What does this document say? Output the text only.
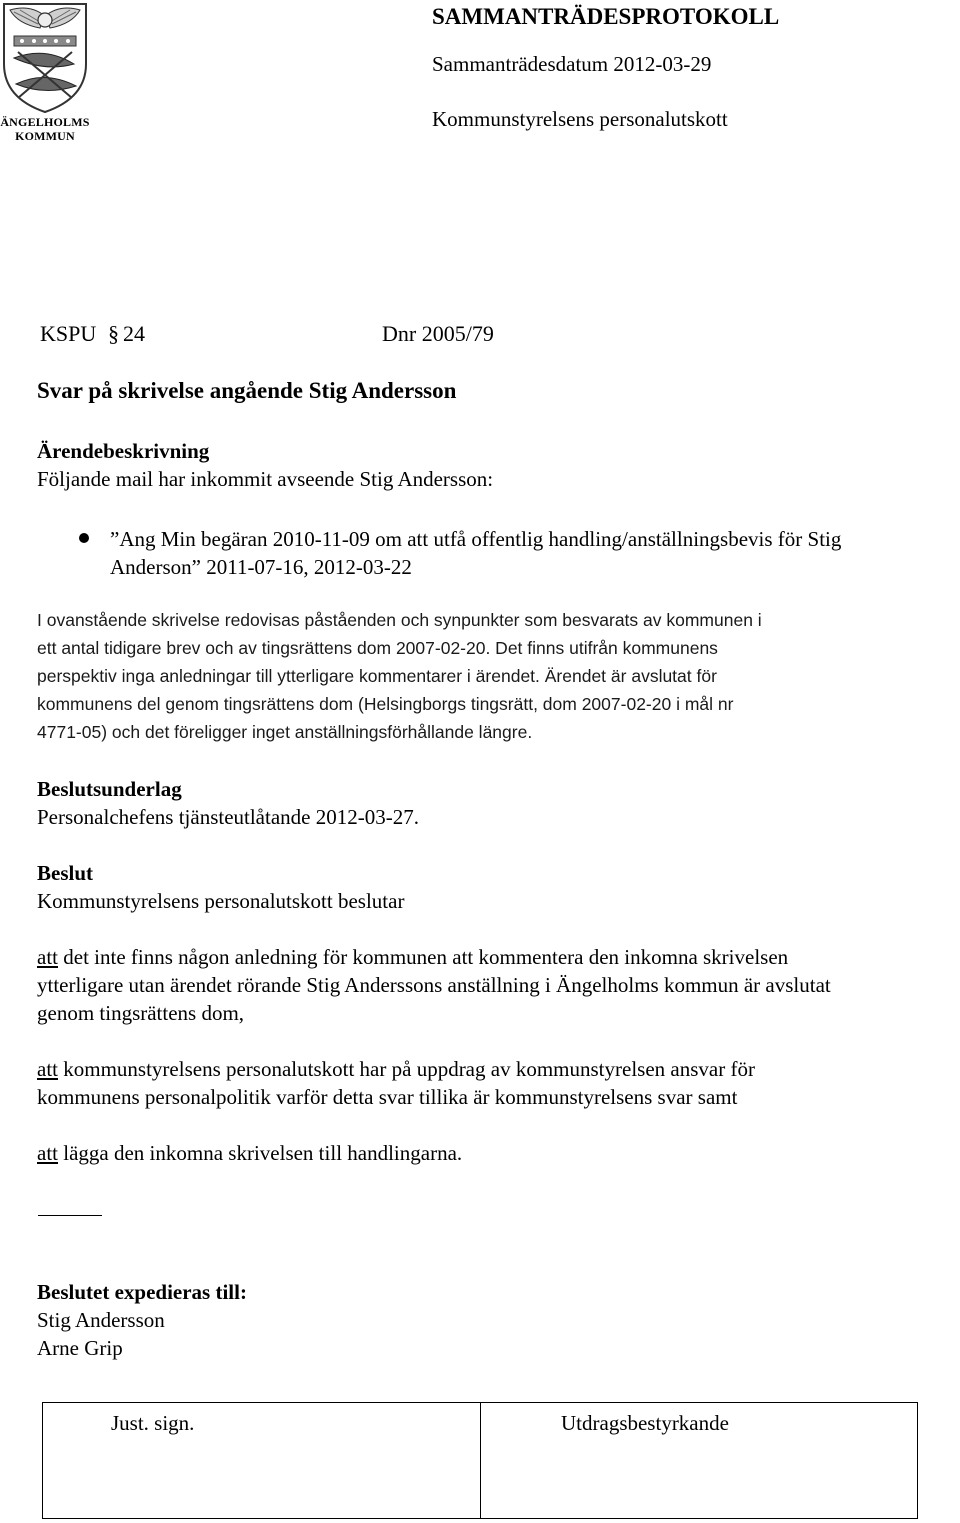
ÄNGELHOLMS
KOMMUN
SAMMANTRÄDESPROTOKOLL
Sammanträdesdatum 2012-03-29
Kommunstyrelsens personalutskott
KSPU § 24	Dnr 2005/79
Svar på skrivelse angående Stig Andersson
Ärendebeskrivning
Följande mail har inkommit avseende Stig Andersson:
”Ang Min begäran 2010-11-09 om att utfå offentlig handling/anställningsbevis för Stig
Anderson” 2011-07-16, 2012-03-22
I ovanstående skrivelse redovisas påståenden och synpunkter som besvarats av kommunen i
ett antal tidigare brev och av tingsrättens dom 2007-02-20. Det finns utifrån kommunens
perspektiv inga anledningar till ytterligare kommentarer i ärendet. Ärendet är avslutat för
kommunens del genom tingsrättens dom (Helsingborgs tingsrätt, dom 2007-02-20 i mål nr
4771-05) och det föreligger inget anställningsförhållande längre.
Beslutsunderlag
Personalchefens tjänsteutlåtande 2012-03-27.
Beslut
Kommunstyrelsens personalutskott beslutar
att det inte finns någon anledning för kommunen att kommentera den inkomna skrivelsen
ytterligare utan ärendet rörande Stig Anderssons anställning i Ängelholms kommun är avslutat
genom tingsrättens dom,
att kommunstyrelsens personalutskott har på uppdrag av kommunstyrelsen ansvar för
kommunens personalpolitik varför detta svar tillika är kommunstyrelsens svar samt
att lägga den inkomna skrivelsen till handlingarna.
Beslutet expedieras till:
Stig Andersson
Arne Grip
Just. sign.	Utdragsbestyrkande
